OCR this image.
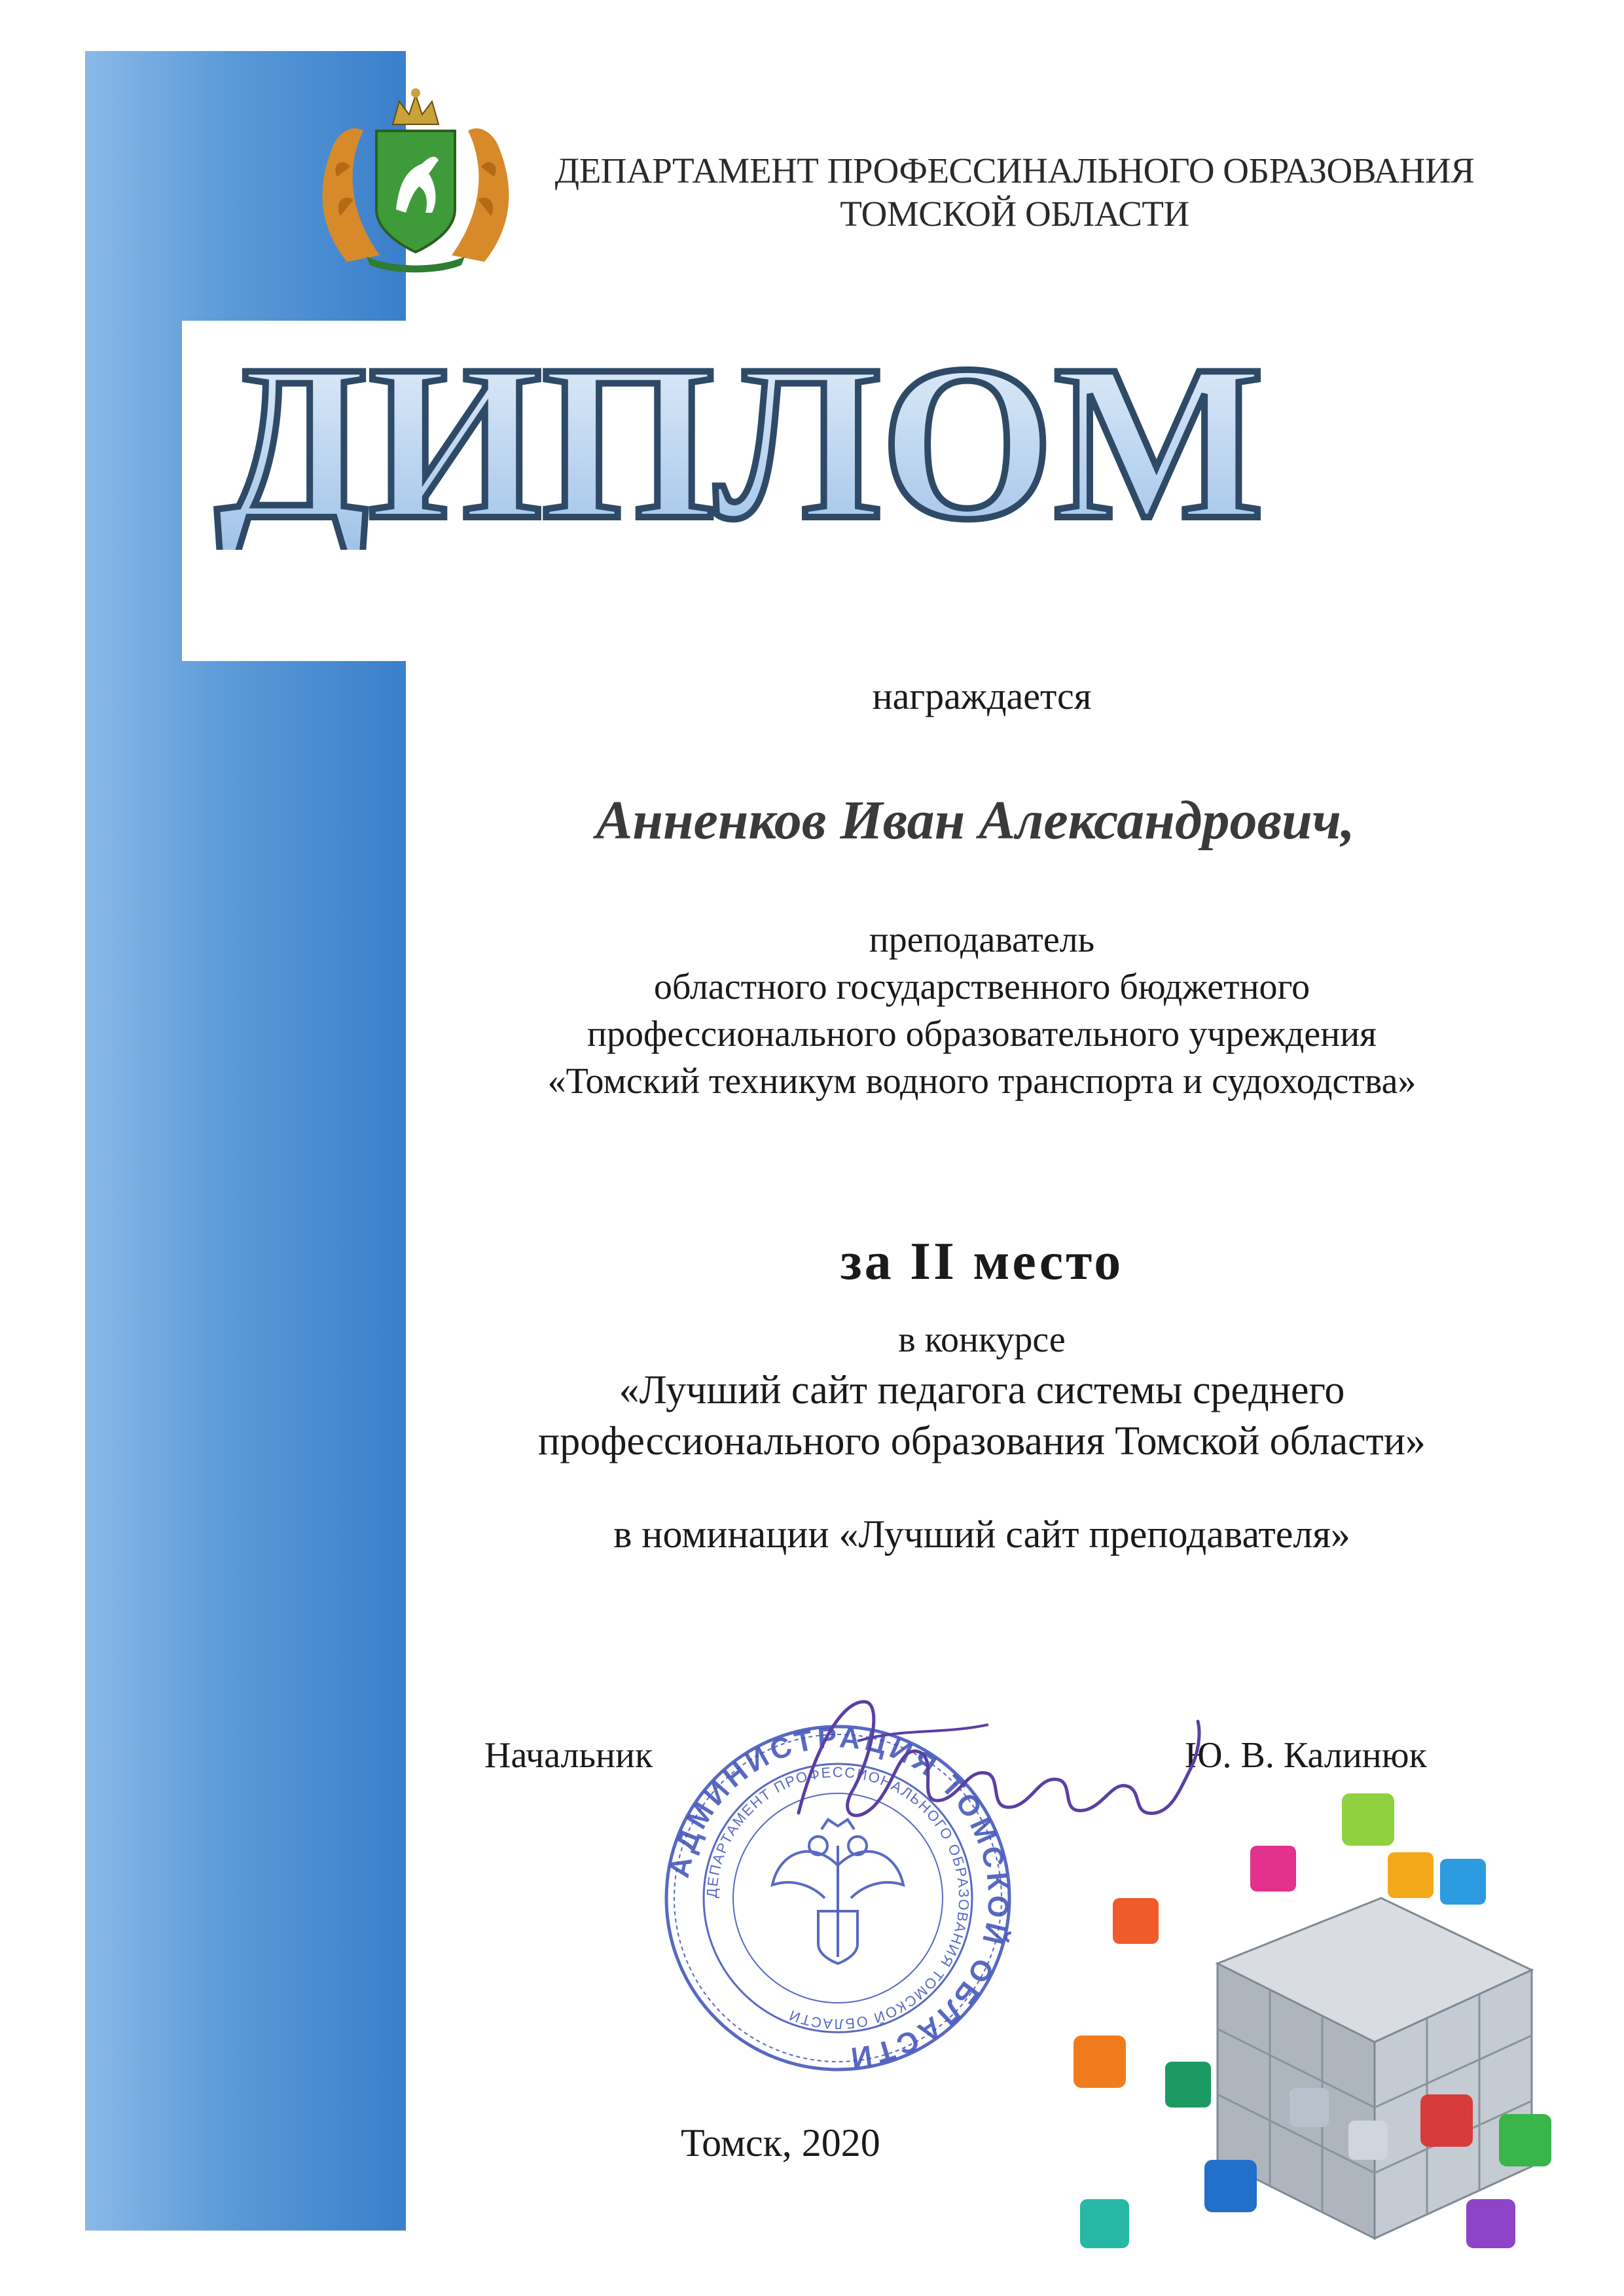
ДЕПАРТАМЕНТ ПРОФЕССИНАЛЬНОГО ОБРАЗОВАНИЯ
ТОМСКОЙ ОБЛАСТИ
ДИПЛОМ
награждается
Анненков Иван Александрович,
преподаватель
областного государственного бюджетного
профессионального образовательного учреждения
«Томский техникум водного транспорта и судоходства»
за II место
в конкурсе
«Лучший сайт педагога системы среднего
профессионального образования Томской области»
в номинации «Лучший сайт преподавателя»
Начальник	Ю. В. Калинюк
АДМИНИСТРАЦИЯ ТОМСКОЙ ОБЛАСТИ
ДЕПАРТАМЕНТ ПРОФЕССИОНАЛЬНОГО ОБРАЗОВАНИЯ ТОМСКОЙ ОБЛАСТИ
Томск, 2020
